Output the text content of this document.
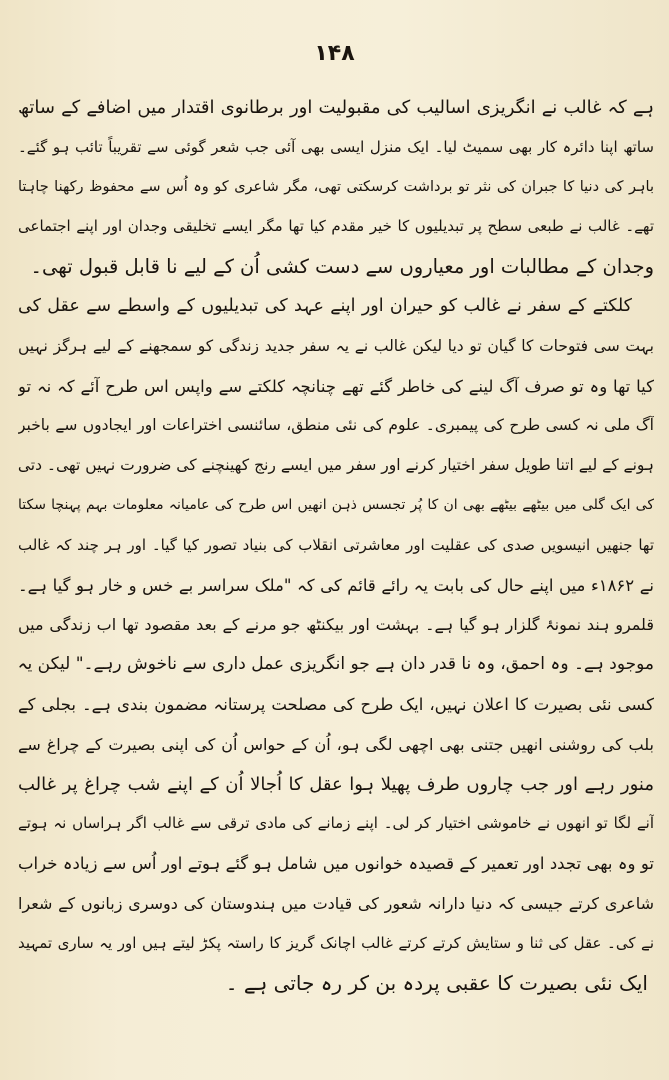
۱۴۸
ہے کہ غالب نے انگریزی اسالیب کی مقبولیت اور برطانوی اقتدار میں اضافے کے ساتھ
ساتھ اپنا دائرہ کار بھی سمیٹ لیا۔ ایک منزل ایسی بھی آئی جب شعر گوئی سے تقریباً تائب ہو گئے۔
باہر کی دنیا کا جبران کی نثر تو برداشت کرسکتی تھی، مگر شاعری کو وہ اُس سے محفوظ رکھنا چاہتا
تھے۔ غالب نے طبعی سطح پر تبدیلیوں کا خیر مقدم کیا تھا مگر ایسے تخلیقی وجدان اور اپنے اجتماعی
وجدان کے مطالبات اور معیاروں سے دست کشی اُن کے لیے نا قابل قبول تھی۔
کلکتے کے سفر نے غالب کو حیران اور اپنے عہد کی تبدیلیوں کے واسطے سے عقل کی
بہت سی فتوحات کا گیان تو دیا لیکن غالب نے یہ سفر جدید زندگی کو سمجھنے کے لیے ہرگز نہیں
کیا تھا وہ تو صرف آگ لینے کی خاطر گئے تھے چنانچہ کلکتے سے واپس اس طرح آئے کہ نہ تو
آگ ملی نہ کسی طرح کی پیمبری۔ علوم کی نئی منطق، سائنسی اختراعات اور ایجادوں سے باخبر
ہونے کے لیے اتنا طویل سفر اختیار کرنے اور سفر میں ایسے رنج کھینچنے کی ضرورت نہیں تھی۔ دتی
کی ایک گلی میں بیٹھے بیٹھے بھی ان کا پُر تجسس ذہن انھیں اس طرح کی عامیانہ معلومات بہم پہنچا سکتا
تھا جنھیں انیسویں صدی کی عقلیت اور معاشرتی انقلاب کی بنیاد تصور کیا گیا۔ اور ہر چند کہ غالب
نے ۱۸۶۲ء میں اپنے حال کی بابت یہ رائے قائم کی کہ "ملک سراسر بے خس و خار ہو گیا ہے۔
قلمرو ہند نمونۂ گلزار ہو گیا ہے۔ بہشت اور بیکنٹھ جو مرنے کے بعد مقصود تھا اب زندگی میں
موجود ہے۔ وہ احمق، وہ نا قدر دان ہے جو انگریزی عمل داری سے ناخوش رہے۔" لیکن یہ
کسی نئی بصیرت کا اعلان نہیں، ایک طرح کی مصلحت پرستانہ مضمون بندی ہے۔ بجلی کے
بلب کی روشنی انھیں جتنی بھی اچھی لگی ہو، اُن کے حواس اُن کی اپنی بصیرت کے چراغ سے
منور رہے اور جب چاروں طرف پھیلا ہوا عقل کا اُجالا اُن کے اپنے شب چراغ پر غالب
آنے لگا تو انھوں نے خاموشی اختیار کر لی۔ اپنے زمانے کی مادی ترقی سے غالب اگر ہراساں نہ ہوتے
تو وہ بھی تجدد اور تعمیر کے قصیدہ خوانوں میں شامل ہو گئے ہوتے اور اُس سے زیادہ خراب
شاعری کرتے جیسی کہ دنیا دارانہ شعور کی قیادت میں ہندوستان کی دوسری زبانوں کے شعرا
نے کی۔ عقل کی ثنا و ستایش کرتے کرتے غالب اچانک گریز کا راستہ پکڑ لیتے ہیں اور یہ ساری تمہید
ایک نئی بصیرت کا عقبی پردہ بن کر رہ جاتی ہے ۔
